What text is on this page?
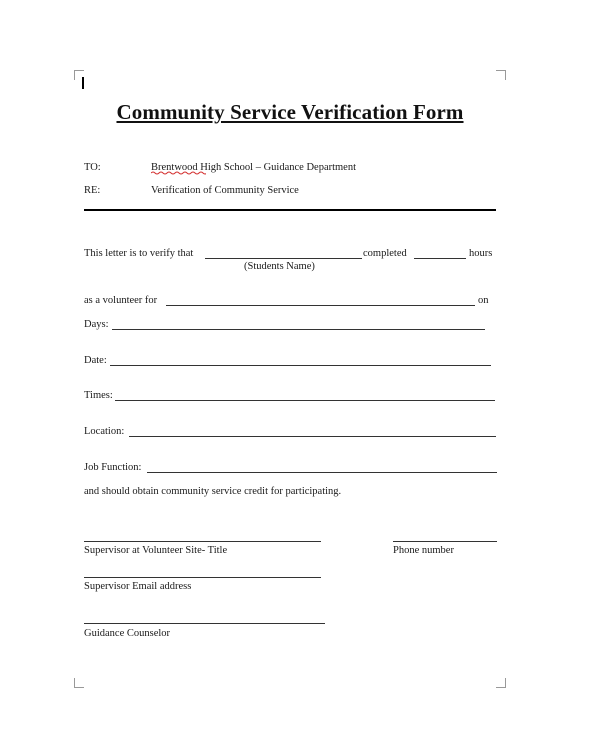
Community Service Verification Form
TO:	Brentwood High School – Guidance Department
RE:	Verification of Community Service
This letter is to verify that	completed	hours
(Students Name)
as a volunteer for	on
Days:
Date:
Times:
Location:
Job Function:
and should obtain community service credit for participating.
Supervisor at Volunteer Site- Title	Phone number
Supervisor Email address
Guidance Counselor
